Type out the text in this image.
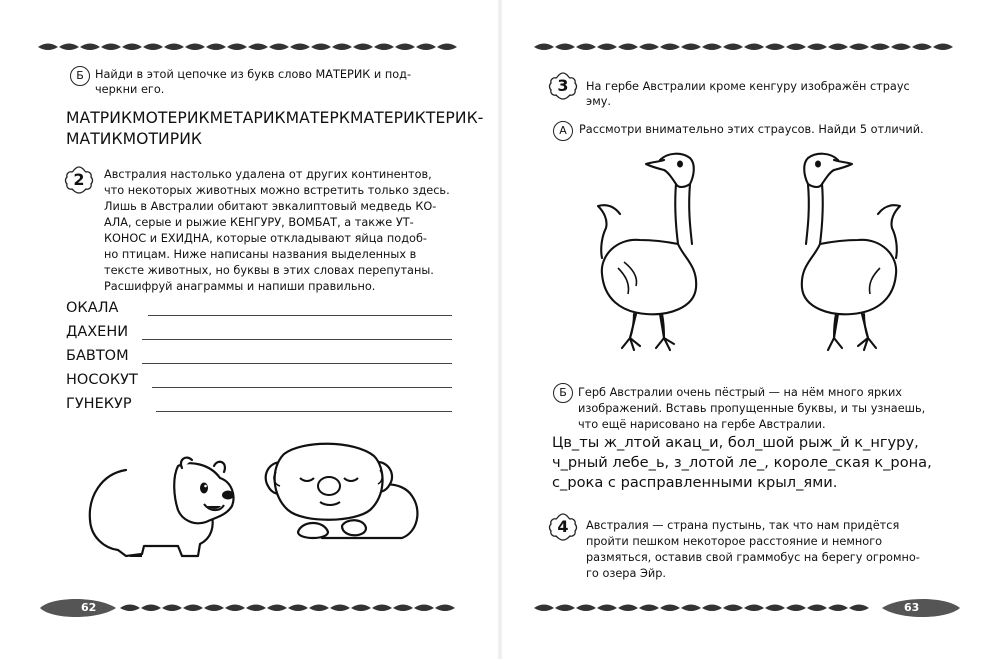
Б Найди в этой цепочке из букв слово МАТЕРИК и под-
черкни его.
МАТРИКМОТЕРИКМЕТАРИКМАТЕРКМАТЕРИКТЕРИК-
МАТИКМОТИРИК
2	Австралия настолько удалена от других континентов,
что некоторых животных можно встретить только здесь.
Лишь в Австралии обитают эвкалиптовый медведь КО-
АЛА, серые и рыжие КЕНГУРУ, ВОМБАТ, а также УТ-
КОНОС и ЕХИДНА, которые откладывают яйца подоб-
но птицам. Ниже написаны названия выделенных в
тексте животных, но буквы в этих словах перепутаны.
Расшифруй анаграммы и напиши правильно.
ОКАЛА
ДАХЕНИ
БАВТОМ
НОСОКУТ
ГУНЕКУР
62
3	На гербе Австралии кроме кенгуру изображён страус
эму.
А	Рассмотри внимательно этих страусов. Найди 5 отличий.
Б Герб Австралии очень пёстрый — на нём много ярких
изображений. Вставь пропущенные буквы, и ты узнаешь,
что ещё нарисовано на гербе Австралии.
Цв_ты ж_лтой акац_и, бол_шой рыж_й к_нгуру,
ч_рный лебе_ь, з_лотой ле_, короле_ская к_рона,
с_рока с расправленными крыл_ями.
4	Австралия — страна пустынь, так что нам придётся
пройти пешком некоторое расстояние и немного
размяться, оставив свой граммобус на берегу огромно-
го озера Эйр.
63
